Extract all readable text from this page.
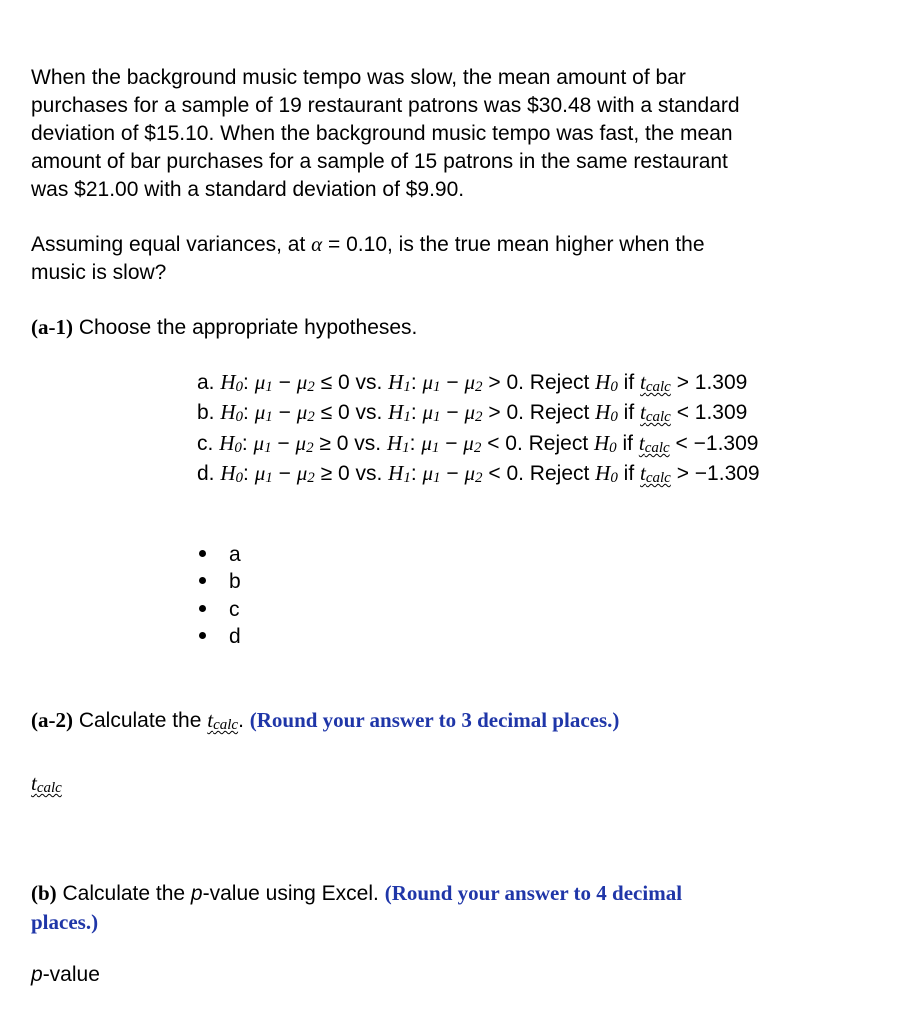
When the background music tempo was slow, the mean amount of bar
purchases for a sample of 19 restaurant patrons was $30.48 with a standard
deviation of $15.10. When the background music tempo was fast, the mean
amount of bar purchases for a sample of 15 patrons in the same restaurant
was $21.00 with a standard deviation of $9.90.

Assuming equal variances, at α = 0.10, is the true mean higher when the
music is slow?

(a-1) Choose the appropriate hypotheses.

a. H0: μ1 − μ2 ≤ 0 vs. H1: μ1 − μ2 > 0. Reject H0 if tcalc > 1.309
b. H0: μ1 − μ2 ≤ 0 vs. H1: μ1 − μ2 > 0. Reject H0 if tcalc < 1.309
c. H0: μ1 − μ2 ≥ 0 vs. H1: μ1 − μ2 < 0. Reject H0 if tcalc < −1.309
d. H0: μ1 − μ2 ≥ 0 vs. H1: μ1 − μ2 < 0. Reject H0 if tcalc > −1.309
a
b
c
d

(a-2) Calculate the tcalc. (Round your answer to 3 decimal places.)

tcalc

(b) Calculate the p-value using Excel. (Round your answer to 4 decimal
places.)

p-value
